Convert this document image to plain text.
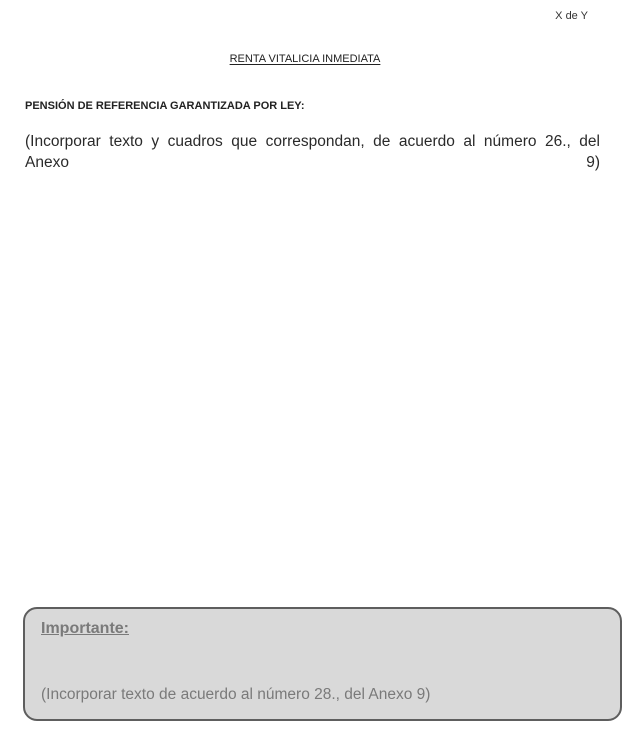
X de Y
RENTA VITALICIA INMEDIATA
PENSIÓN DE REFERENCIA GARANTIZADA POR LEY:
(Incorporar texto y cuadros que correspondan, de acuerdo al número 26., del Anexo 9)
Importante:
(Incorporar texto de acuerdo al número 28., del Anexo 9)
